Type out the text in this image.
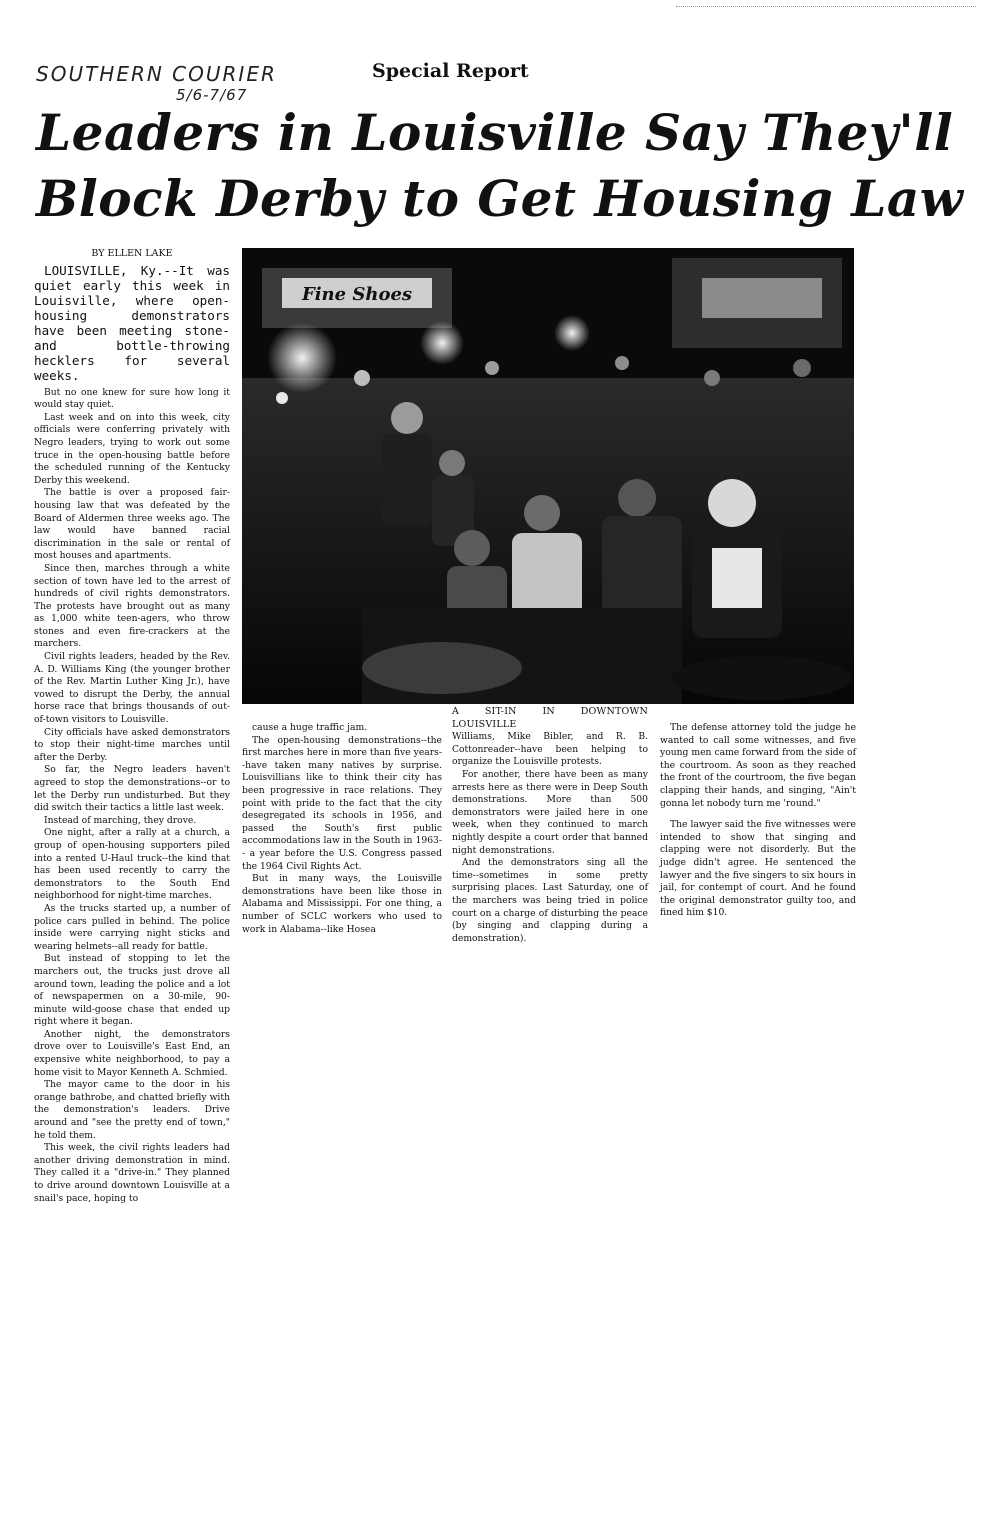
SOUTHERN COURIER
5/6-7/67
Special Report
Leaders in Louisville Say They'll
Block Derby to Get Housing Law

BY ELLEN LAKE

LOUISVILLE, Ky.--It was quiet early this week in Louisville, where open-housing demonstrators have been meeting stone- and bottle-throwing hecklers for several weeks.

But no one knew for sure how long it would stay quiet.

Last week and on into this week, city officials were conferring privately with Negro leaders, trying to work out some truce in the open-housing battle before the scheduled running of the Kentucky Derby this weekend.

The battle is over a proposed fair-housing law that was defeated by the Board of Aldermen three weeks ago. The law would have banned racial discrimination in the sale or rental of most houses and apartments.

Since then, marches through a white section of town have led to the arrest of hundreds of civil rights demonstrators. The protests have brought out as many as 1,000 white teen-agers, who throw stones and even fire-crackers at the marchers.

Civil rights leaders, headed by the Rev. A. D. Williams King (the younger brother of the Rev. Martin Luther King Jr.), have vowed to disrupt the Derby, the annual horse race that brings thousands of out-of-town visitors to Louisville.

City officials have asked demonstrators to stop their night-time marches until after the Derby.

So far, the Negro leaders haven't agreed to stop the demonstrations--or to let the Derby run undisturbed. But they did switch their tactics a little last week.

Instead of marching, they drove.

One night, after a rally at a church, a group of open-housing supporters piled into a rented U-Haul truck--the kind that has been used recently to carry the demonstrators to the South End neighborhood for night-time marches.

As the trucks started up, a number of police cars pulled in behind. The police inside were carrying night sticks and wearing helmets--all ready for battle.

But instead of stopping to let the marchers out, the trucks just drove all around town, leading the police and a lot of newspapermen on a 30-mile, 90-minute wild-goose chase that ended up right where it began.

Another night, the demonstrators drove over to Louisville's East End, an expensive white neighborhood, to pay a home visit to Mayor Kenneth A. Schmied.

The mayor came to the door in his orange bathrobe, and chatted briefly with the demonstration's leaders. Drive around and "see the pretty end of town," he told them.

This week, the civil rights leaders had another driving demonstration in mind. They called it a "drive-in." They planned to drive around downtown Louisville at a snail's pace, hoping to

Fine Shoes

cause a huge traffic jam.

The open-housing demonstrations--the first marches here in more than five years--have taken many natives by surprise. Louisvillians like to think their city has been progressive in race relations. They point with pride to the fact that the city desegregated its schools in 1956, and passed the South's first public accommodations law in the South in 1963-- a year before the U.S. Congress passed the 1964 Civil Rights Act.

But in many ways, the Louisville demonstrations have been like those in Alabama and Mississippi. For one thing, a number of SCLC workers who used to work in Alabama--like Hosea

A SIT-IN IN DOWNTOWN LOUISVILLE

Williams, Mike Bibler, and R. B. Cottonreader--have been helping to organize the Louisville protests.

For another, there have been as many arrests here as there were in Deep South demonstrations. More than 500 demonstrators were jailed here in one week, when they continued to march nightly despite a court order that banned night demonstrations.

And the demonstrators sing all the time--sometimes in some pretty surprising places. Last Saturday, one of the marchers was being tried in police court on a charge of disturbing the peace (by singing and clapping during a demonstration).

The defense attorney told the judge he wanted to call some witnesses, and five young men came forward from the side of the courtroom. As soon as they reached the front of the courtroom, the five began clapping their hands, and singing, "Ain't gonna let nobody turn me 'round."

The lawyer said the five witnesses were intended to show that singing and clapping were not disorderly. But the judge didn't agree. He sentenced the lawyer and the five singers to six hours in jail, for contempt of court. And he found the original demonstrator guilty too, and fined him $10.
